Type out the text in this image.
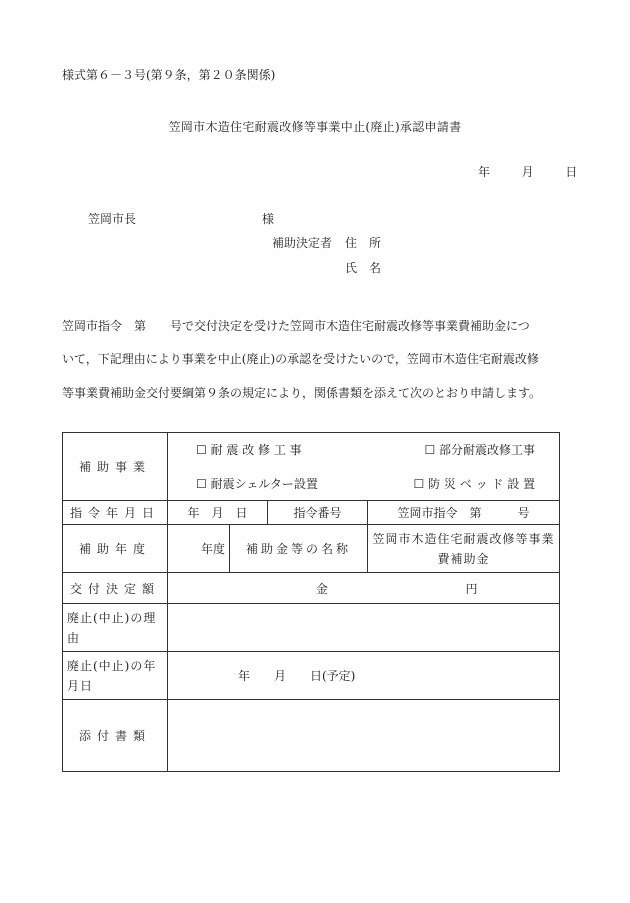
様式第６－３号(第９条，第２０条関係)
笠岡市木造住宅耐震改修等事業中止(廃止)承認申請書
年	月	日
笠岡市長	様
補助決定者 住　所
氏　名
笠岡市指令　第　　号で交付決定を受けた笠岡市木造住宅耐震改修等事業費補助金につ
いて，下記理由により事業を中止(廃止)の承認を受けたいので，笠岡市木造住宅耐震改修
等事業費補助金交付要綱第９条の規定により，関係書類を添えて次のとおり申請します。
補助事業	☐ 耐 震 改 修 工 事 ☐ 部分耐震改修工事
☐ 耐震シェルター設置 ☐ 防 災 ベ ッ ド 設 置			

指令年月日	年　月　日		指令番号	笠岡市指令　第　　　号
補助年度	年度	補助金等の名称		笠岡市木造住宅耐震改修等事業費補助金
交付決定額	金 円			
廃止(中止)の理由				
廃止(中止)の年月日	年　　月　　日(予定)			
添付書類				
